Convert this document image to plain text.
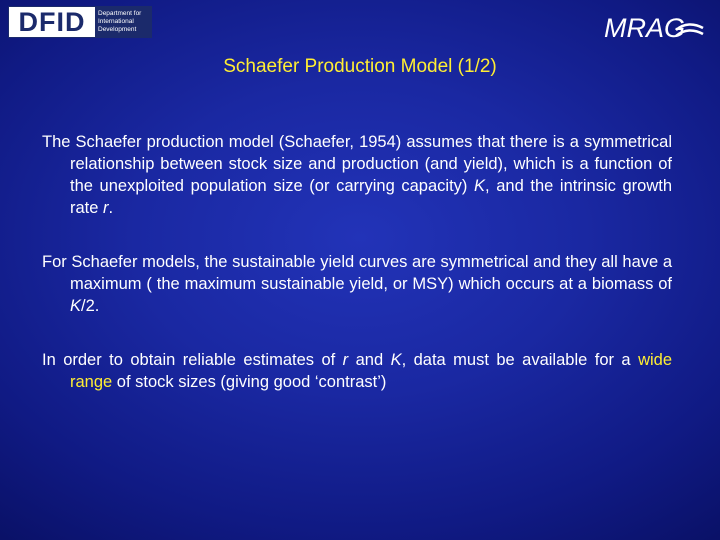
DFID	Department for
International
Development	MRAG
Schaefer Production Model (1/2)

The Schaefer production model (Schaefer, 1954) assumes that there is a symmetrical relationship between stock size and production (and yield), which is a function of the unexploited population size (or carrying capacity) K, and the intrinsic growth rate r.

For Schaefer models, the sustainable yield curves are symmetrical and they all have a maximum ( the maximum sustainable yield, or MSY) which occurs at a biomass of K/2.

In order to obtain reliable estimates of r and K, data must be available for a wide range of stock sizes (giving good ‘contrast’)
